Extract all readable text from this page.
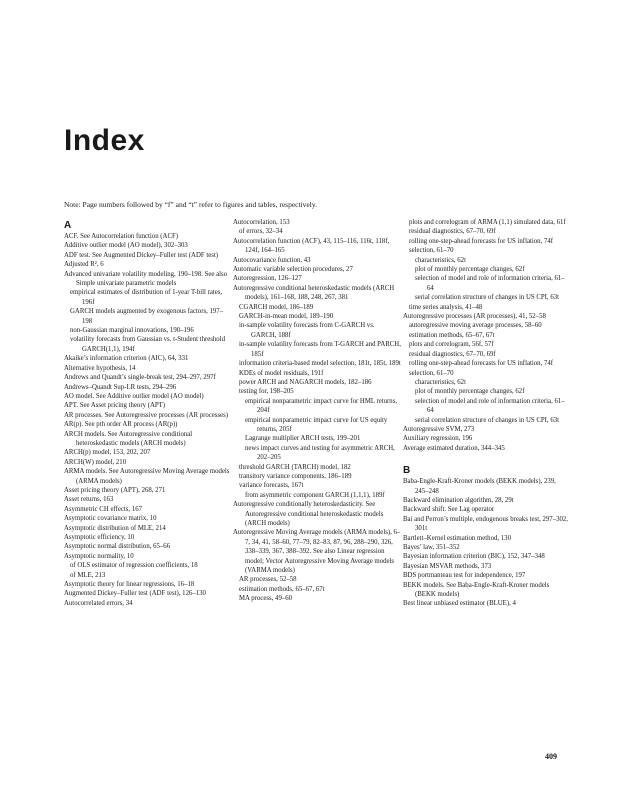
Index
Note: Page numbers followed by “f” and “t” refer to figures and tables, respectively.
A
ACF. See Autocorrelation function (ACF)
Additive outlier model (AO model), 302–303
ADF test. See Augmented Dickey–Fuller test (ADF test)
Adjusted R², 6
Advanced univariate volatility modeling, 190–198. See also Simple univariate parametric models
empirical estimates of distribution of 1-year T-bill rates, 196f
GARCH models augmented by exogenous factors, 197–198
non-Gaussian marginal innovations, 190–196
volatility forecasts from Gaussian vs. t-Student threshold GARCH(1,1), 194f
Akaike’s information criterion (AIC), 64, 331
Alternative hypothesis, 14
Andrews and Quandt’s single-break test, 294–297, 297f
Andrews–Quandt Sup-LR tests, 294–296
AO model. See Additive outlier model (AO model)
APT. See Asset pricing theory (APT)
AR processes. See Autoregressive processes (AR processes)
AR(p). See pth order AR process (AR(p))
ARCH models. See Autoregressive conditional heteroskedastic models (ARCH models)
ARCH(p) model, 153, 202, 207
ARCH(W) model, 210
ARMA models. See Autoregressive Moving Average models (ARMA models)
Asset pricing theory (APT), 268, 271
Asset returns, 163
Asymmetric CH effects, 167
Asymptotic covariance matrix, 10
Asymptotic distribution of MLE, 214
Asymptotic efficiency, 10
Asymptotic normal distribution, 65–66
Asymptotic normality, 10
of OLS estimator of regression coefficients, 18
of MLE, 213
Asymptotic theory for linear regressions, 16–18
Augmented Dickey–Fuller test (ADF test), 126–130
Autocorrelated errors, 34
Autocorrelation, 153
of errors, 32–34
Autocorrelation function (ACF), 43, 115–116, 116t, 118f, 124f, 164–165
Autocovariance function, 43
Automatic variable selection procedures, 27
Autoregression, 126–127
Autoregressive conditional heteroskedastic models (ARCH models), 161–168, 188, 248, 267, 381
CGARCH model, 186–189
GARCH-in-mean model, 189–190
in-sample volatility forecasts from C-GARCH vs. GARCH, 188f
in-sample volatility forecasts from T-GARCH and PARCH, 185f
information criteria-based model selection, 181t, 185t, 189t
KDEs of model residuals, 191f
power ARCH and NAGARCH models, 182–186
testing for, 198–205
empirical nonparametric impact curve for HML returns, 204f
empirical nonparametric impact curve for US equity returns, 205f
Lagrange multiplier ARCH tests, 199–201
news impact curves and testing for asymmetric ARCH, 202–205
threshold GARCH (TARCH) model, 182
transitory variance components, 186–189
variance forecasts, 167t
from asymmetric component GARCH (1,1,1), 189f
Autoregressive conditionally heteroskedasticity. See Autoregressive conditional heteroskedastic models (ARCH models)
Autoregressive Moving Average models (ARMA models), 6–7, 34, 41, 58–60, 77–79, 82–83, 87, 96, 288–290, 326, 338–339, 367, 388–392. See also Linear regression model; Vector Autoregressive Moving Average models (VARMA models)
AR processes, 52–58
estimation methods, 65–67, 67t
MA process, 49–60
plots and correlogram of ARMA (1,1) simulated data, 61f
residual diagnostics, 67–70, 69f
rolling one-step-ahead forecasts for US inflation, 74f
selection, 61–70
characteristics, 62t
plot of monthly percentage changes, 62f
selection of model and role of information criteria, 61–64
serial correlation structure of changes in US CPI, 63t
time series analysis, 41–48
Autoregressive processes (AR processes), 41, 52–58
autoregressive moving average processes, 58–60
estimation methods, 65–67, 67t
plots and correlogram, 56f, 57f
residual diagnostics, 67–70, 69f
rolling one-step-ahead forecasts for US inflation, 74f
selection, 61–70
characteristics, 62t
plot of monthly percentage changes, 62f
selection of model and role of information criteria, 61–64
serial correlation structure of changes in US CPI, 63t
Autoregressive SVM, 273
Auxiliary regression, 196
Average estimated duration, 344–345
B
Baba-Engle-Kraft-Kroner models (BEKK models), 239, 245–248
Backward elimination algorithm, 28, 29t
Backward shift. See Lag operator
Bai and Perron’s multiple, endogenous breaks test, 297–302, 301t
Bartlett–Kernel estimation method, 130
Bayes’ law, 351–352
Bayesian information criterion (BIC), 152, 347–348
Bayesian MSVAR methods, 373
BDS portmanteau test for independence, 197
BEKK models. See Baba-Engle-Kraft-Kroner models (BEKK models)
Best linear unbiased estimator (BLUE), 4
409
